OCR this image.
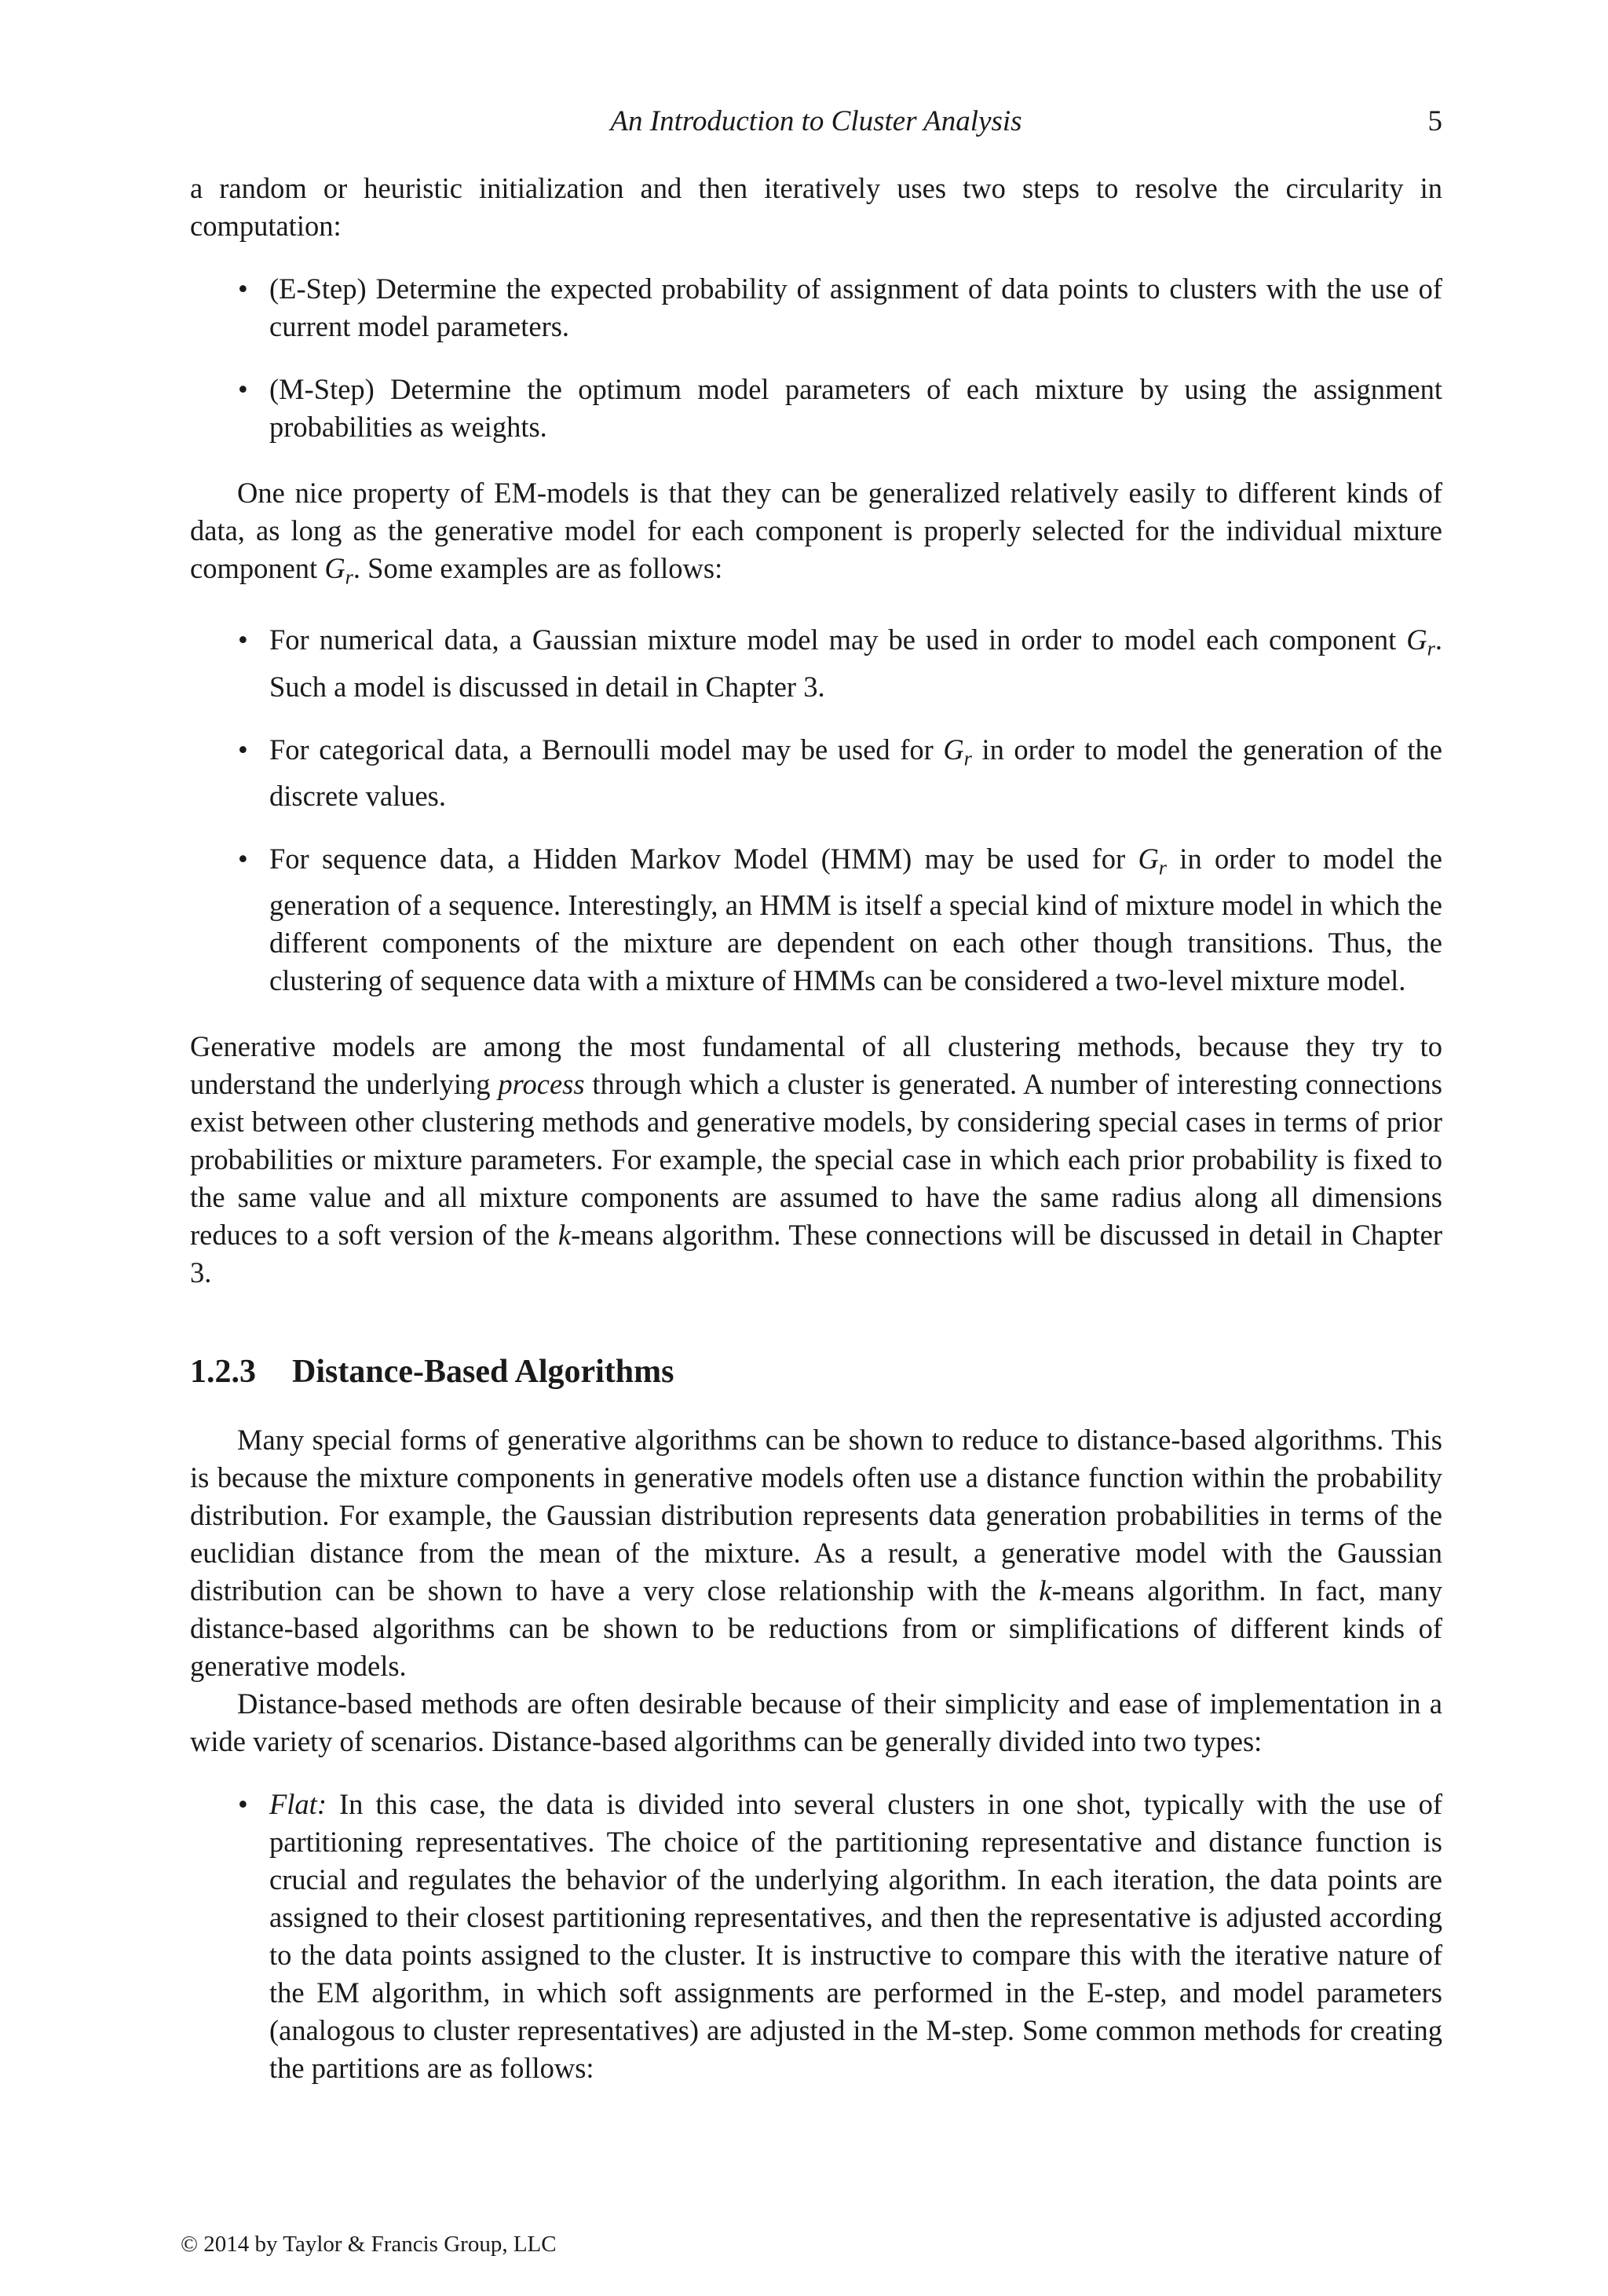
An Introduction to Cluster Analysis	5

a random or heuristic initialization and then iteratively uses two steps to resolve the circularity in computation:

• (E-Step) Determine the expected probability of assignment of data points to clusters with the use of current model parameters.
• (M-Step) Determine the optimum model parameters of each mixture by using the assignment probabilities as weights.

One nice property of EM-models is that they can be generalized relatively easily to different kinds of data, as long as the generative model for each component is properly selected for the individual mixture component $G_r$. Some examples are as follows:

• For numerical data, a Gaussian mixture model may be used in order to model each component $G_r$. Such a model is discussed in detail in Chapter 3.
• For categorical data, a Bernoulli model may be used for $G_r$ in order to model the generation of the discrete values.
• For sequence data, a Hidden Markov Model (HMM) may be used for $G_r$ in order to model the generation of a sequence. Interestingly, an HMM is itself a special kind of mixture model in which the different components of the mixture are dependent on each other though transitions. Thus, the clustering of sequence data with a mixture of HMMs can be considered a two-level mixture model.

Generative models are among the most fundamental of all clustering methods, because they try to understand the underlying process through which a cluster is generated. A number of interesting connections exist between other clustering methods and generative models, by considering special cases in terms of prior probabilities or mixture parameters. For example, the special case in which each prior probability is fixed to the same value and all mixture components are assumed to have the same radius along all dimensions reduces to a soft version of the k-means algorithm. These connections will be discussed in detail in Chapter 3.

1.2.3 Distance-Based Algorithms

Many special forms of generative algorithms can be shown to reduce to distance-based algorithms. This is because the mixture components in generative models often use a distance function within the probability distribution. For example, the Gaussian distribution represents data generation probabilities in terms of the euclidian distance from the mean of the mixture. As a result, a generative model with the Gaussian distribution can be shown to have a very close relationship with the k-means algorithm. In fact, many distance-based algorithms can be shown to be reductions from or simplifications of different kinds of generative models.

Distance-based methods are often desirable because of their simplicity and ease of implementation in a wide variety of scenarios. Distance-based algorithms can be generally divided into two types:

• Flat: In this case, the data is divided into several clusters in one shot, typically with the use of partitioning representatives. The choice of the partitioning representative and distance function is crucial and regulates the behavior of the underlying algorithm. In each iteration, the data points are assigned to their closest partitioning representatives, and then the representative is adjusted according to the data points assigned to the cluster. It is instructive to compare this with the iterative nature of the EM algorithm, in which soft assignments are performed in the E-step, and model parameters (analogous to cluster representatives) are adjusted in the M-step. Some common methods for creating the partitions are as follows:
© 2014 by Taylor & Francis Group, LLC
